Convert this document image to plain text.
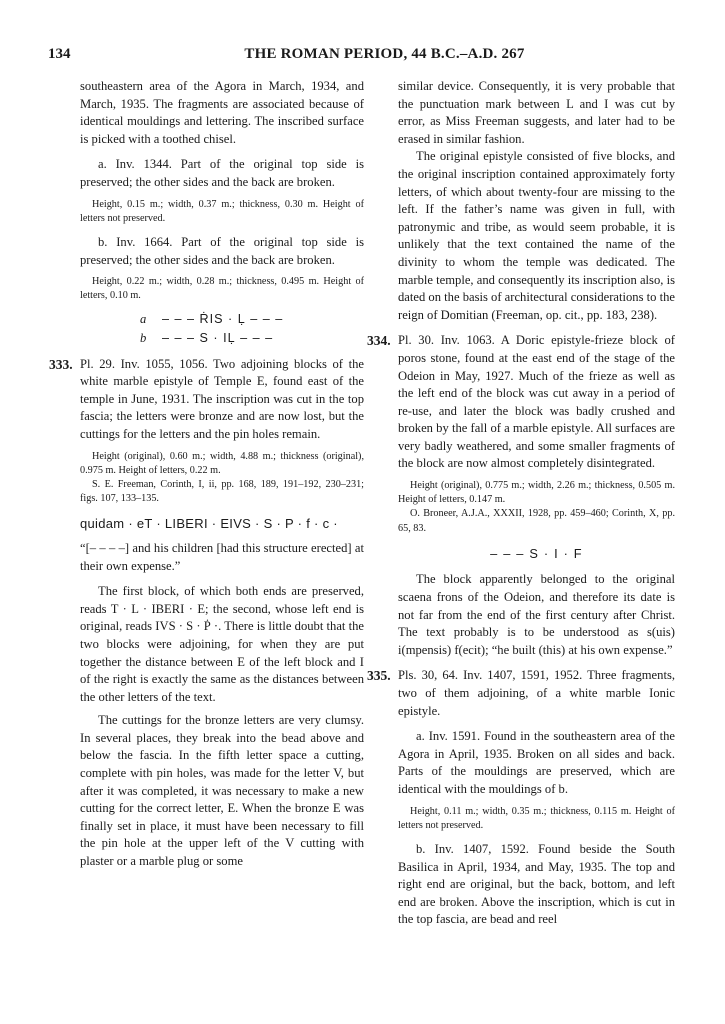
134	THE ROMAN PERIOD, 44 B.C.–A.D. 267

southeastern area of the Agora in March, 1934, and March, 1935. The fragments are associated because of identical mouldings and lettering. The inscribed surface is picked with a toothed chisel.

a. Inv. 1344. Part of the original top side is preserved; the other sides and the back are broken.

Height, 0.15 m.; width, 0.37 m.; thickness, 0.30 m. Height of letters not preserved.

b. Inv. 1664. Part of the original top side is preserved; the other sides and the back are broken.

Height, 0.22 m.; width, 0.28 m.; thickness, 0.495 m. Height of letters, 0.10 m.

a	– – – ṘIS · Ḷ – – –
b	– – – S · IḶ – – –
333. Pl. 29. Inv. 1055, 1056. Two adjoining blocks of the white marble epistyle of Temple E, found east of the temple in June, 1931. The inscription was cut in the top fascia; the letters were bronze and are now lost, but the cuttings for the letters and the pin holes remain.

Height (original), 0.60 m.; width, 4.88 m.; thickness (original), 0.975 m. Height of letters, 0.22 m.

S. E. Freeman, Corinth, I, ii, pp. 168, 189, 191–192, 230–231; figs. 107, 133–135.

quidam · eT · LIBERI · EIVS · S · P · f · c ·

“[– – – –] and his children [had this structure erected] at their own expense.”

The first block, of which both ends are preserved, reads T · L · IBERI · E; the second, whose left end is original, reads IVS · S · Ṗ ·. There is little doubt that the two blocks were adjoining, for when they are put together the distance between E of the left block and I of the right is exactly the same as the distances between the other letters of the text.

The cuttings for the bronze letters are very clumsy. In several places, they break into the bead above and below the fascia. In the fifth letter space a cutting, complete with pin holes, was made for the letter V, but after it was completed, it was necessary to make a new cutting for the correct letter, E. When the bronze E was finally set in place, it must have been necessary to fill the pin hole at the upper left of the V cutting with plaster or a marble plug or some

similar device. Consequently, it is very probable that the punctuation mark between L and I was cut by error, as Miss Freeman suggests, and later had to be erased in similar fashion.

The original epistyle consisted of five blocks, and the original inscription contained approximately forty letters, of which about twenty-four are missing to the left. If the father’s name was given in full, with patronymic and tribe, as would seem probable, it is unlikely that the text contained the name of the divinity to whom the temple was dedicated. The marble temple, and consequently its inscription also, is dated on the basis of architectural considerations to the reign of Domitian (Freeman, op. cit., pp. 183, 238).

334. Pl. 30. Inv. 1063. A Doric epistyle-frieze block of poros stone, found at the east end of the stage of the Odeion in May, 1927. Much of the frieze as well as the left end of the block was cut away in a period of re-use, and later the block was badly crushed and broken by the fall of a marble epistyle. All surfaces are very badly weathered, and some smaller fragments of the block are now almost completely disintegrated.

Height (original), 0.775 m.; width, 2.26 m.; thickness, 0.505 m. Height of letters, 0.147 m.

O. Broneer, A.J.A., XXXII, 1928, pp. 459–460; Corinth, X, pp. 65, 83.

– – – S · I · F

The block apparently belonged to the original scaena frons of the Odeion, and therefore its date is not far from the end of the first century after Christ. The text probably is to be understood as s(uis) i(mpensis) f(ecit); “he built (this) at his own expense.”

335. Pls. 30, 64. Inv. 1407, 1591, 1952. Three fragments, two of them adjoining, of a white marble Ionic epistyle.

a. Inv. 1591. Found in the southeastern area of the Agora in April, 1935. Broken on all sides and back. Parts of the mouldings are preserved, which are identical with the mouldings of b.

Height, 0.11 m.; width, 0.35 m.; thickness, 0.115 m. Height of letters not preserved.

b. Inv. 1407, 1592. Found beside the South Basilica in April, 1934, and May, 1935. The top and right end are original, but the back, bottom, and left end are broken. Above the inscription, which is cut in the top fascia, are bead and reel
